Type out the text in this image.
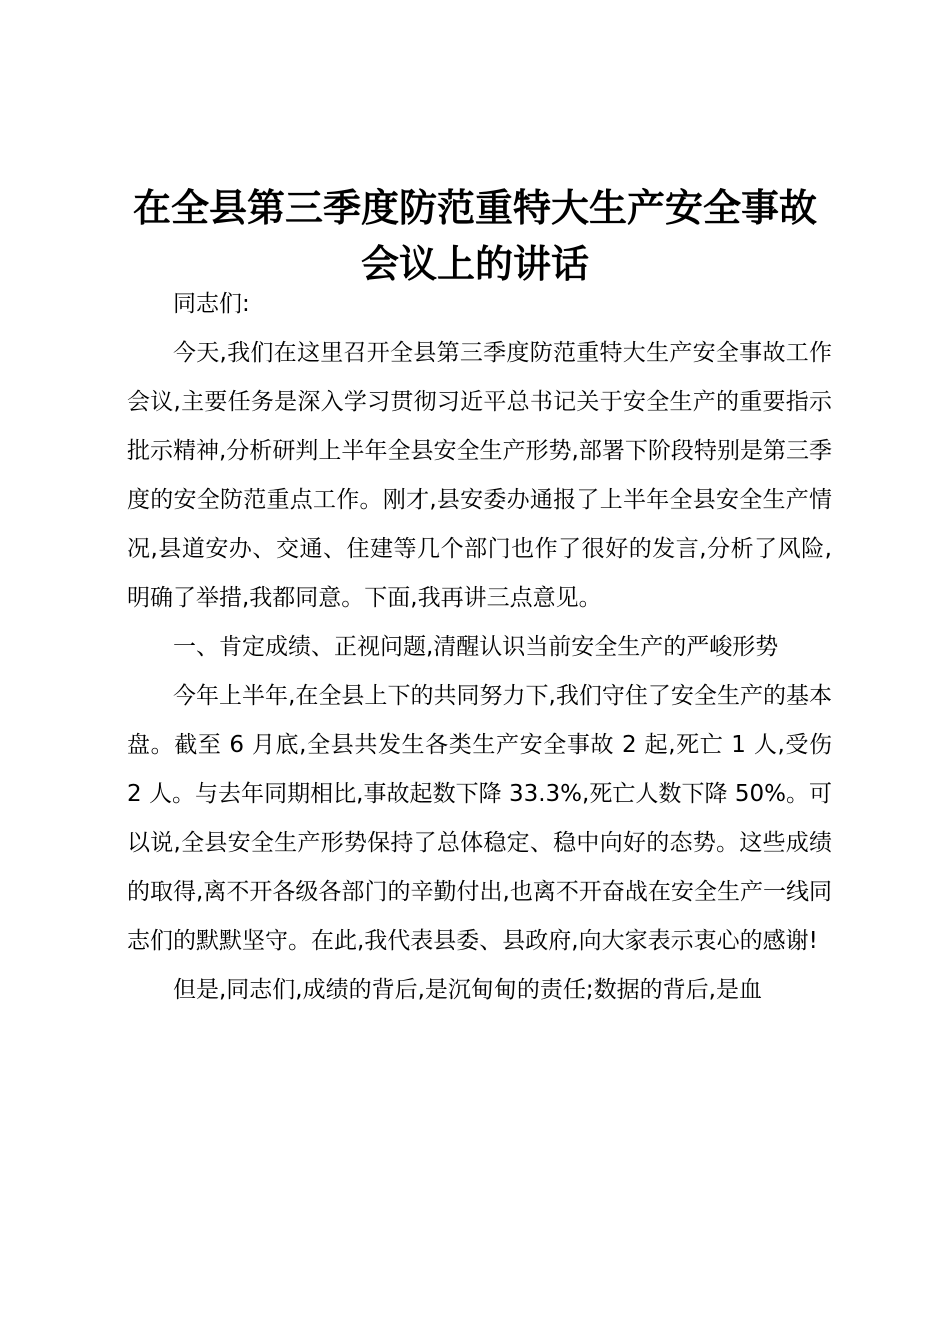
在全县第三季度防范重特大生产安全事故会议上的讲话

同志们:

今天,我们在这里召开全县第三季度防范重特大生产安全事故工作会议,主要任务是深入学习贯彻习近平总书记关于安全生产的重要指示批示精神,分析研判上半年全县安全生产形势,部署下阶段特别是第三季度的安全防范重点工作。刚才,县安委办通报了上半年全县安全生产情况,县道安办、交通、住建等几个部门也作了很好的发言,分析了风险,明确了举措,我都同意。下面,我再讲三点意见。

一、肯定成绩、正视问题,清醒认识当前安全生产的严峻形势

今年上半年,在全县上下的共同努力下,我们守住了安全生产的基本盘。截至 6 月底,全县共发生各类生产安全事故 2 起,死亡 1 人,受伤 2 人。与去年同期相比,事故起数下降 33.3%,死亡人数下降 50%。可以说,全县安全生产形势保持了总体稳定、稳中向好的态势。这些成绩的取得,离不开各级各部门的辛勤付出,也离不开奋战在安全生产一线同志们的默默坚守。在此,我代表县委、县政府,向大家表示衷心的感谢!

但是,同志们,成绩的背后,是沉甸甸的责任;数据的背后,是血
